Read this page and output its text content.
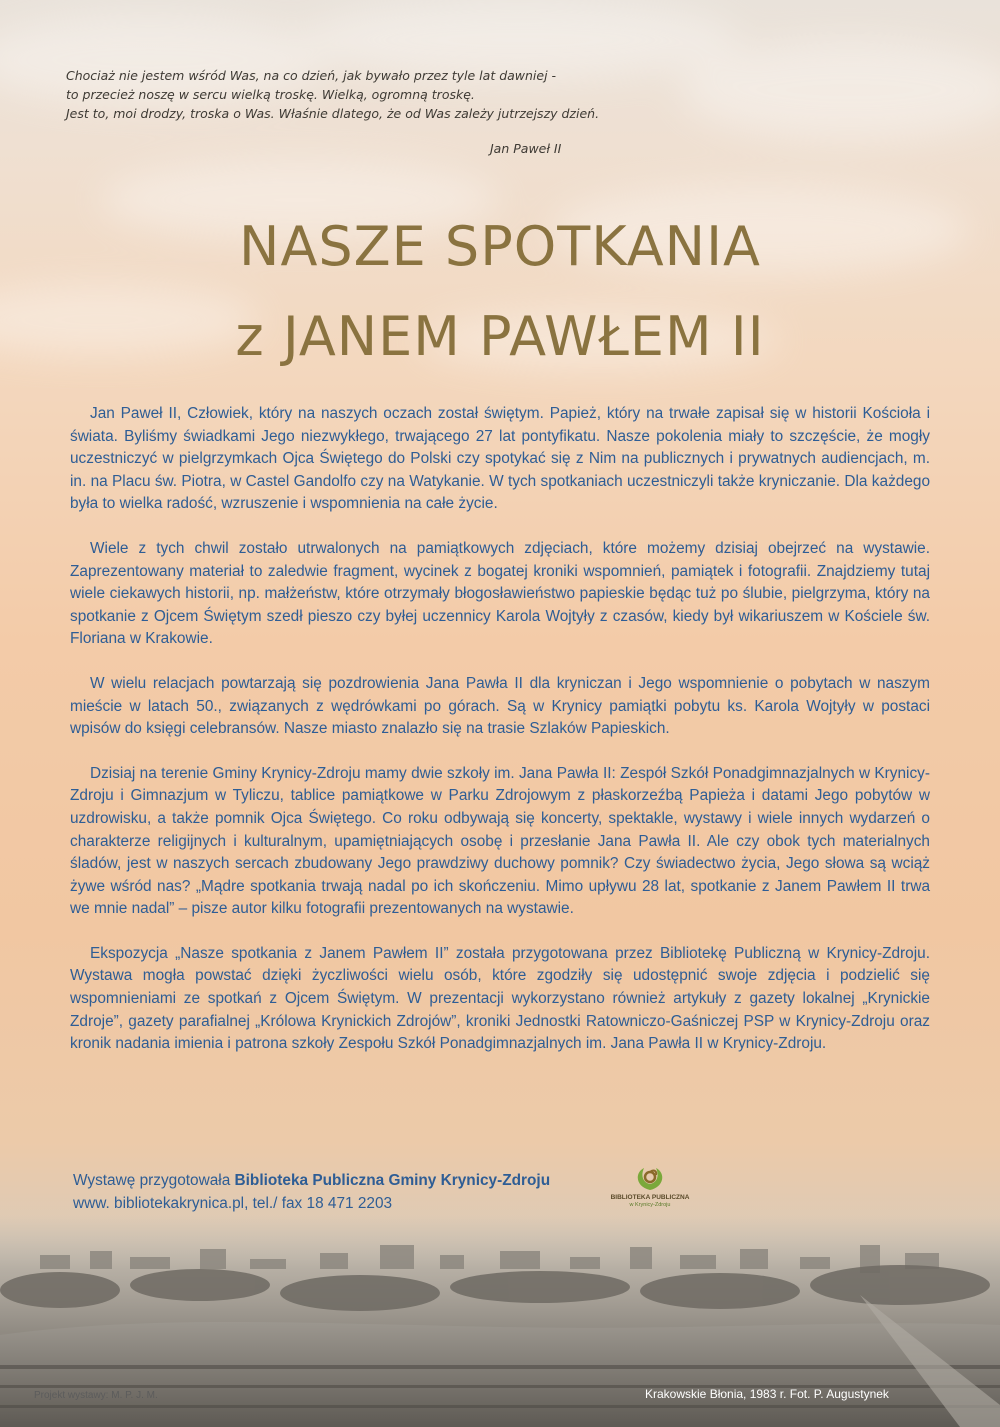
Chociaż nie jestem wśród Was, na co dzień, jak bywało przez tyle lat dawniej -
to przecież noszę w sercu wielką troskę. Wielką, ogromną troskę.
Jest to, moi drodzy, troska o Was. Właśnie dlatego, że od Was zależy jutrzejszy dzień.
Jan Paweł II
NASZE SPOTKANIA
z JANEM PAWŁEM II

Jan Paweł II, Człowiek, który na naszych oczach został świętym. Papież, który na trwałe zapisał się w historii Kościoła i świata. Byliśmy świadkami Jego niezwykłego, trwającego 27 lat pontyfikatu. Nasze pokolenia miały to szczęście, że mogły uczestniczyć w pielgrzymkach Ojca Świętego do Polski czy spotykać się z Nim na publicznych i prywatnych audiencjach, m. in. na Placu św. Piotra, w Castel Gandolfo czy na Watykanie. W tych spotkaniach uczestniczyli także kryniczanie. Dla każdego była to wielka radość, wzruszenie i wspomnienia na całe życie.

Wiele z tych chwil zostało utrwalonych na pamiątkowych zdjęciach, które możemy dzisiaj obejrzeć na wystawie. Zaprezentowany materiał to zaledwie fragment, wycinek z bogatej kroniki wspomnień, pamiątek i fotografii. Znajdziemy tutaj wiele ciekawych historii, np. małżeństw, które otrzymały błogosławieństwo papieskie będąc tuż po ślubie, pielgrzyma, który na spotkanie z Ojcem Świętym szedł pieszo czy byłej uczennicy Karola Wojtyły z czasów, kiedy był wikariuszem w Kościele św. Floriana w Krakowie.

W wielu relacjach powtarzają się pozdrowienia Jana Pawła II dla kryniczan i Jego wspomnienie o pobytach w naszym mieście w latach 50., związanych z wędrówkami po górach. Są w Krynicy pamiątki pobytu ks. Karola Wojtyły w postaci wpisów do księgi celebransów. Nasze miasto znalazło się na trasie Szlaków Papieskich.

Dzisiaj na terenie Gminy Krynicy-Zdroju mamy dwie szkoły im. Jana Pawła II: Zespół Szkół Ponadgimnazjalnych w Krynicy-Zdroju i Gimnazjum w Tyliczu, tablice pamiątkowe w Parku Zdrojowym z płaskorzeźbą Papieża i datami Jego pobytów w uzdrowisku, a także pomnik Ojca Świętego. Co roku odbywają się koncerty, spektakle, wystawy i wiele innych wydarzeń o charakterze religijnych i kulturalnym, upamiętniających osobę i przesłanie Jana Pawła II. Ale czy obok tych materialnych śladów, jest w naszych sercach zbudowany Jego prawdziwy duchowy pomnik? Czy świadectwo życia, Jego słowa są wciąż żywe wśród nas? „Mądre spotkania trwają nadal po ich skończeniu. Mimo upływu 28 lat, spotkanie z Janem Pawłem II trwa we mnie nadal” – pisze autor kilku fotografii prezentowanych na wystawie.

Ekspozycja „Nasze spotkania z Janem Pawłem II” została przygotowana przez Bibliotekę Publiczną w Krynicy-Zdroju. Wystawa mogła powstać dzięki życzliwości wielu osób, które zgodziły się udostępnić swoje zdjęcia i podzielić się wspomnieniami ze spotkań z Ojcem Świętym. W prezentacji wykorzystano również artykuły z gazety lokalnej „Krynickie Zdroje”, gazety parafialnej „Królowa Krynickich Zdrojów”, kroniki Jednostki Ratowniczo-Gaśniczej PSP w Krynicy-Zdroju oraz kronik nadania imienia i patrona szkoły Zespołu Szkół Ponadgimnazjalnych im. Jana Pawła II w Krynicy-Zdroju.

Wystawę przygotowała Biblioteka Publiczna Gminy Krynicy-Zdroju
www. bibliotekakrynica.pl, tel./ fax 18 471 2203	BIBLIOTEKA PUBLICZNA
w Krynicy-Zdroju
Projekt wystawy: M. P. J. M.	Krakowskie Błonia, 1983 r. Fot. P. Augustynek
